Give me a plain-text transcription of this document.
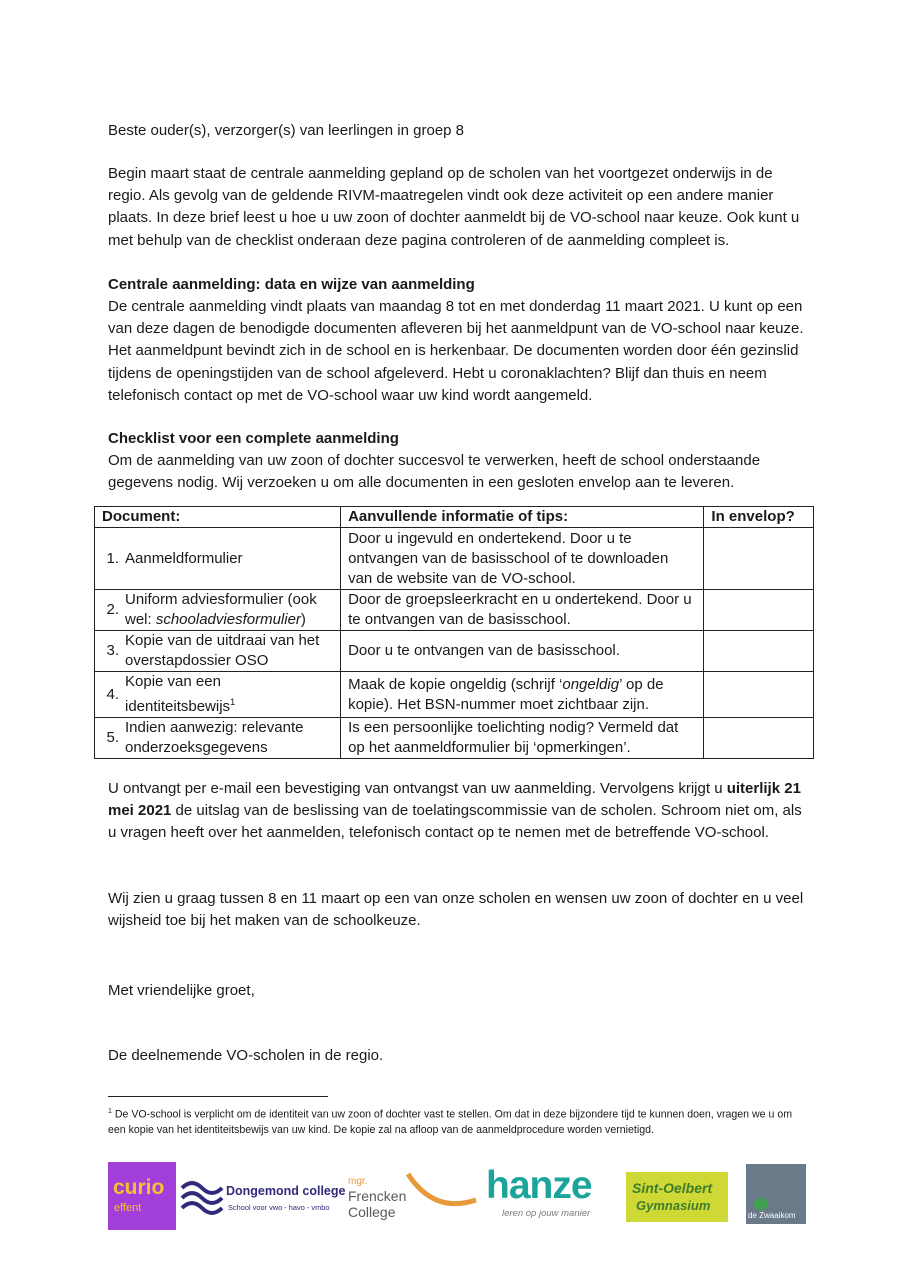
Beste ouder(s), verzorger(s) van leerlingen in groep 8
Begin maart staat de centrale aanmelding gepland op de scholen van het voortgezet onderwijs in de regio. Als gevolg van de geldende RIVM-maatregelen vindt ook deze activiteit op een andere manier plaats. In deze brief leest u hoe u uw zoon of dochter aanmeldt bij de VO-school naar keuze. Ook kunt u met behulp van de checklist onderaan deze pagina controleren of de aanmelding compleet is.
Centrale aanmelding: data en wijze van aanmelding
De centrale aanmelding vindt plaats van maandag 8 tot en met donderdag 11 maart 2021. U kunt op een van deze dagen de benodigde documenten afleveren bij het aanmeldpunt van de VO-school naar keuze. Het aanmeldpunt bevindt zich in de school en is herkenbaar. De documenten worden door één gezinslid tijdens de openingstijden van de school afgeleverd. Hebt u coronaklachten? Blijf dan thuis en neem telefonisch contact op met de VO-school waar uw kind wordt aangemeld.
Checklist voor een complete aanmelding
Om de aanmelding van uw zoon of dochter succesvol te verwerken, heeft de school onderstaande gegevens nodig. Wij verzoeken u om alle documenten in een gesloten envelop aan te leveren.
Document:	Aanvullende informatie of tips:	In envelop?

1. Aanmeldformulier	Door u ingevuld en ondertekend. Door u te ontvangen van de basisschool of te downloaden van de website van de VO-school.	

2.
Uniform adviesformulier (ook wel: schooladviesformulier)	Door de groepsleerkracht en u ondertekend. Door u te ontvangen van de basisschool.	

3.
Kopie van de uitdraai van het overstapdossier OSO	Door u te ontvangen van de basisschool.	

4.
Kopie van een identiteitsbewijs$^1$	Maak de kopie ongeldig (schrijf ‘ongeldig’ op de kopie). Het BSN-nummer moet zichtbaar zijn.	

5.
Indien aanwezig: relevante onderzoeksgegevens	Is een persoonlijke toelichting nodig? Vermeld dat op het aanmeldformulier bij ‘opmerkingen’.	
U ontvangt per e-mail een bevestiging van ontvangst van uw aanmelding. Vervolgens krijgt u uiterlijk 21 mei 2021 de uitslag van de beslissing van de toelatingscommissie van de scholen. Schroom niet om, als u vragen heeft over het aanmelden, telefonisch contact op te nemen met de betreffende VO-school.
Wij zien u graag tussen 8 en 11 maart op een van onze scholen en wensen uw zoon of dochter en u veel wijsheid toe bij het maken van de schoolkeuze.
Met vriendelijke groet,
De deelnemende VO-scholen in de regio.
$^1$ De VO-school is verplicht om de identiteit van uw zoon of dochter vast te stellen. Om dat in deze bijzondere tijd te kunnen doen, vragen we u om een kopie van het identiteitsbewijs van uw kind. De kopie zal na afloop van de aanmeldprocedure worden vernietigd.
curio
effent
Dongemond college
School voor vwo - havo - vmbo
mgr.
Frencken
College
hanze
leren op jouw manier
Sint-Oelbert
Gymnasium
de Zwaaikom
